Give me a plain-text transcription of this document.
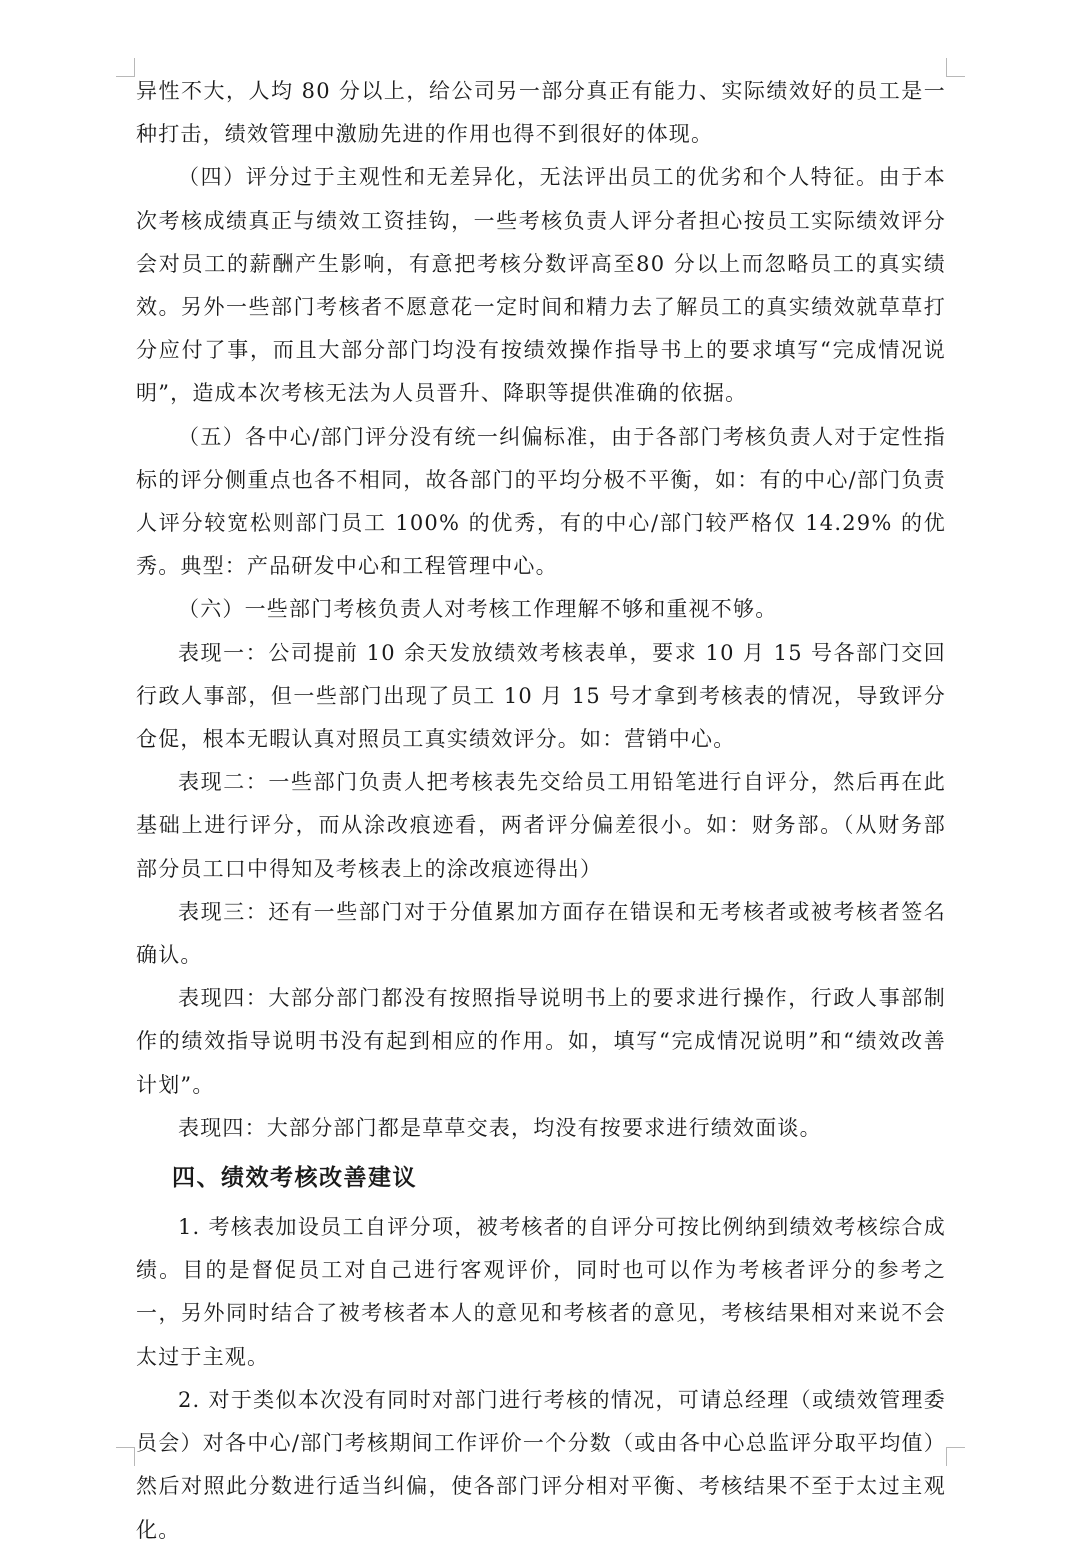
异性不大，人均 80 分以上，给公司另一部分真正有能力、实际绩效好的员工是一种打击，绩效管理中激励先进的作用也得不到很好的体现。

（四）评分过于主观性和无差异化，无法评出员工的优劣和个人特征。由于本次考核成绩真正与绩效工资挂钩，一些考核负责人评分者担心按员工实际绩效评分会对员工的薪酬产生影响，有意把考核分数评高至80 分以上而忽略员工的真实绩效。另外一些部门考核者不愿意花一定时间和精力去了解员工的真实绩效就草草打分应付了事，而且大部分部门均没有按绩效操作指导书上的要求填写“完成情况说明”，造成本次考核无法为人员晋升、降职等提供准确的依据。

（五）各中心/部门评分没有统一纠偏标准，由于各部门考核负责人对于定性指标的评分侧重点也各不相同，故各部门的平均分极不平衡，如：有的中心/部门负责人评分较宽松则部门员工 100% 的优秀，有的中心/部门较严格仅 14.29% 的优秀。典型：产品研发中心和工程管理中心。

（六）一些部门考核负责人对考核工作理解不够和重视不够。

表现一：公司提前 10 余天发放绩效考核表单，要求 10 月 15 号各部门交回行政人事部，但一些部门出现了员工 10 月 15 号才拿到考核表的情况，导致评分仓促，根本无暇认真对照员工真实绩效评分。如：营销中心。

表现二：一些部门负责人把考核表先交给员工用铅笔进行自评分，然后再在此基础上进行评分，而从涂改痕迹看，两者评分偏差很小。如：财务部。（从财务部部分员工口中得知及考核表上的涂改痕迹得出）

表现三：还有一些部门对于分值累加方面存在错误和无考核者或被考核者签名确认。

表现四：大部分部门都没有按照指导说明书上的要求进行操作，行政人事部制作的绩效指导说明书没有起到相应的作用。如，填写“完成情况说明”和“绩效改善计划”。

表现四：大部分部门都是草草交表，均没有按要求进行绩效面谈。

四、绩效考核改善建议

1. 考核表加设员工自评分项，被考核者的自评分可按比例纳到绩效考核综合成绩。目的是督促员工对自己进行客观评价，同时也可以作为考核者评分的参考之一，另外同时结合了被考核者本人的意见和考核者的意见，考核结果相对来说不会太过于主观。

2. 对于类似本次没有同时对部门进行考核的情况，可请总经理（或绩效管理委员会）对各中心/部门考核期间工作评价一个分数（或由各中心总监评分取平均值）然后对照此分数进行适当纠偏，使各部门评分相对平衡、考核结果不至于太过主观化。
